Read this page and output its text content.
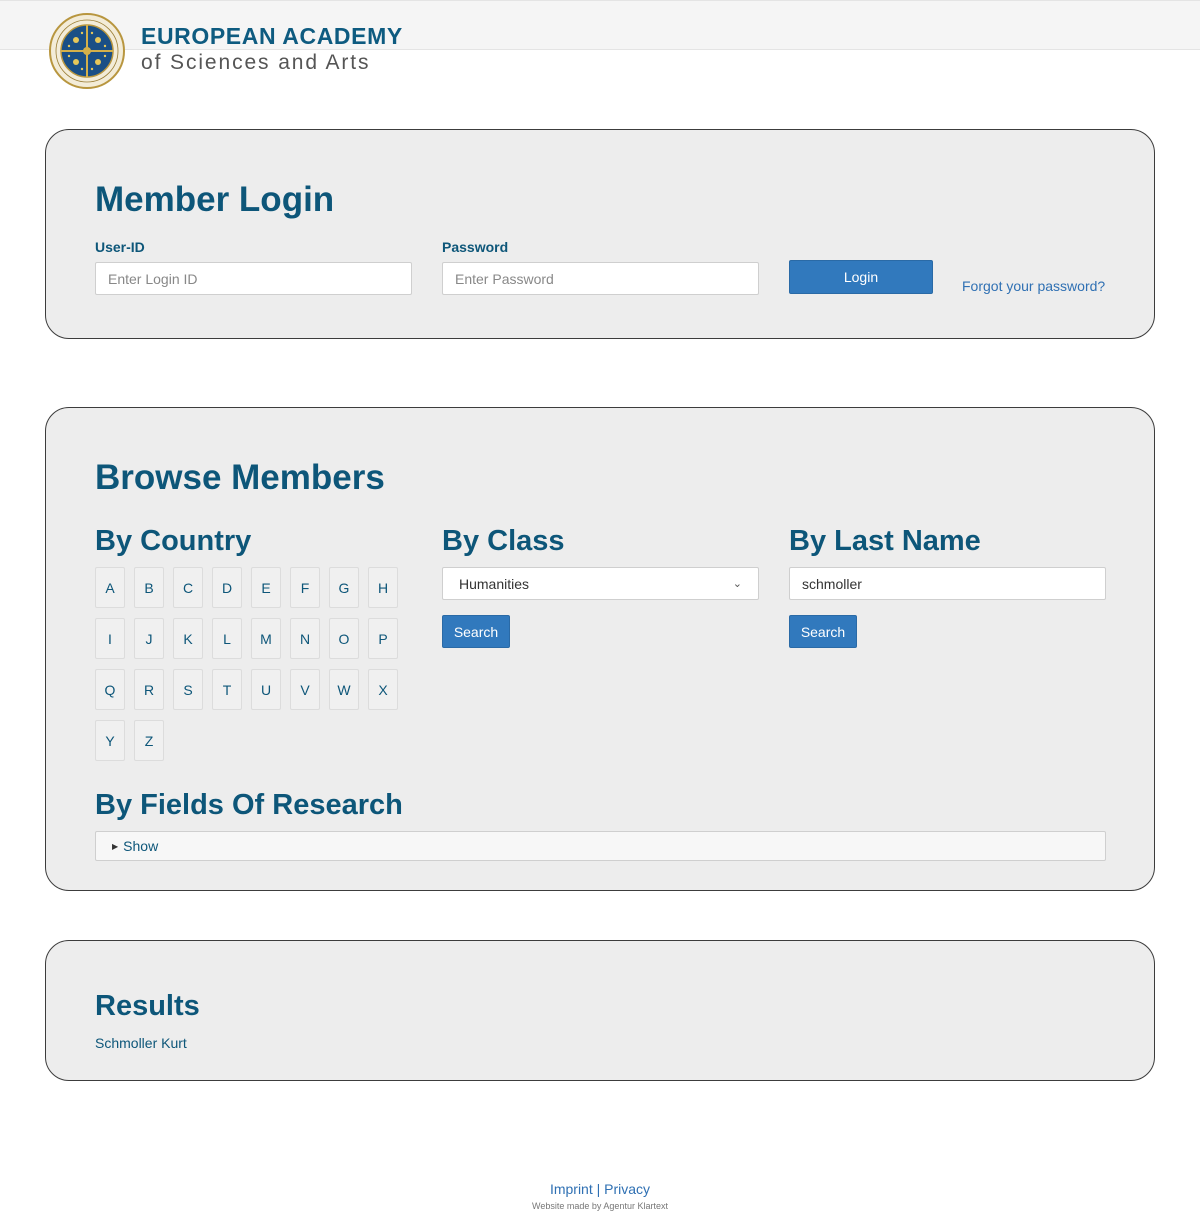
EUROPEAN ACADEMY
of Sciences and Arts
Member Login
User-ID
Enter Login ID	Password
Login
Forgot your password?
Browse Members
By Country
A	B	C	D	E	F	G	H
I	J	K	L	M	N	O	P
Q	R	S	T	U	V	W	X
Y	Z
By Class
Humanities	⌄
Search
By Last Name
schmoller
Search
By Fields Of Research
▶ Show
Results
Schmoller Kurt
Imprint | Privacy
Website made by Agentur Klartext
